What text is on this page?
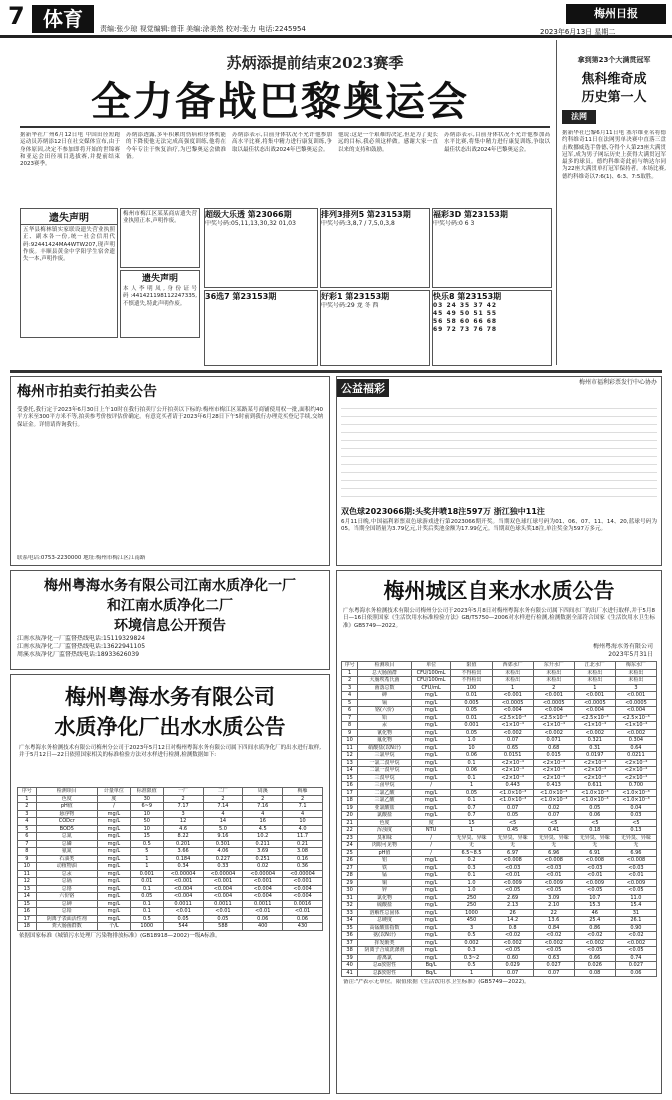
7 体育	责编:张少琼 视觉编辑:曾菲 美编:涂美然 校对:张力 电话:2245954
梅州日报
2023年6月13日 星期二
苏炳添提前结束2023赛季
全力备战巴黎奥运会
据新华社广州6月12日电 中国田径短跑运动员苏炳添12日在社交媒体宣布,由于身体原因,决定不参加即将开始的世锦赛和亚运会田径项目选拔赛,并提前结束2023赛季。
苏炳添透露,多年积累的伤病和身体机能的下降使他无法完成高强度训练,他将在今年专注于恢复治疗,为巴黎奥运会做准备。
苏炳添表示,目前身体状况不允许他参加高水平比赛,将集中精力进行康复训练,争取以最佳状态出战2024年巴黎奥运会。
他说:这是一个艰难的决定,但是为了更长远的目标,我必须这样做。感谢大家一直以来的支持和鼓励。
苏炳添表示,目前身体状况不允许他参加高水平比赛,将集中精力进行康复训练,争取以最佳状态出战2024年巴黎奥运会。
拿到第23个大满贯冠军
焦科维奇成
历史第一人
法网
据新华社巴黎6月11日电 塞尔维亚名将德约科维奇11日在法网男单决赛中直落三盘击败挪威选手鲁德,夺得个人第23座大满贯冠军,成为男子网坛历史上获得大满贯冠军最多的球员。德约科维奇此前与纳达尔同为22座大满贯单打冠军保持者。本场比赛,德约科维奇以7:6(1)、6:3、7:5取胜。
遗失声明
五华县梅林镇实家联设遗失营业执照正、副本各一份,统一社会信用代码:92441424MA4WTW207,现声明作废。丰顺县黄金中学阳学生宿舍遗失一本,声明作废。
梅州市梅江区某某商店遗失营业执照正本,声明作废。
遗失声明
本人李明凤,身份证号码:441421198112247335,不慎遗失,特此声明作废。
超级大乐透 第23066期
中奖号码:05,11,13,30,32 01,03
排列3排列5 第23153期
中奖号码:3,8,7 / 7,5,0,3,8
福彩3D 第23153期
中奖号码:0 6 3
36选7 第23153期	好彩1 第23153期
中奖号码:29 龙 冬 西
快乐8 第23153期
03 24 35 37 42
45 49 50 51 55
56 58 60 66 68
69 72 73 76 78
梅州市拍卖行拍卖公告
受委托,我行定于2023年6月30日上午10时在我行拍卖厅公开拍卖以下标的:梅州市梅江区某路某号商铺使用权一批,面积约40平方米至300平方米不等,拍卖参考价按评估价确定。有意竞买者请于2023年6月28日下午5时前到我行办理竞买登记手续,交纳保证金。详情请咨询我行。
联系电话:0753-2230000 地址:梅州市梅江区江南路
公益福彩	梅州市福利彩票发行中心协办
双色球2023066期:头奖井喷18注597万 浙江独中11注
6月11日晚,中国福利彩票双色球游戏进行第2023066期开奖。当期双色球红球号码为01、06、07、11、14、20,蓝球号码为05。当期全国销量为3.79亿元,计奖后奖池金额为17.99亿元。当期双色球头奖18注,单注奖金为597万多元。
梅州粤海水务有限公司江南水质净化一厂
和江南水质净化二厂
环境信息公开预告
江南水质净化一厂监督热线电话:15119329824
江南水质净化二厂监督热线电话:13622941105
周溪水质净化厂监督热线电话:18933626039
梅州粤海水务有限公司
水质净化厂出水水质公告
广东粤海水务检测技术有限公司梅州分公司于2023年5月12日对梅州粤海水务有限公司属下四间水质净化厂的出水进行取样,并于5月12日—22日依照国家相关的标准检验方法对水样进行检测,检测数据如下:
序号	检测项目	计量单位	标准限值	一厂	二厂	周溪	梅雁
1	色度	度	30	2	2	2	2
2	pH值	/	6~9	7.17	7.14	7.16	7.1
3	悬浮物	mg/L	10	3	4	4	4
4	CODcr	mg/L	50	12	14	16	10
5	BOD5	mg/L	10	4.6	5.0	4.5	4.0
6	总氮	mg/L	15	8.22	9.16	10.2	11.7
7	总磷	mg/L	0.5	0.201	0.301	0.211	0.21
8	氨氮	mg/L	5	3.66	4.06	3.69	3.08
9	石油类	mg/L	1	0.184	0.227	0.251	0.16
10	动植物油	mg/L	1	0.34	0.33	0.02	0.36
11	总汞	mg/L	0.001	<0.00004	<0.00004	<0.00004	<0.00004
12	总镉	mg/L	0.01	<0.001	<0.001	<0.001	<0.001
13	总铬	mg/L	0.1	<0.004	<0.004	<0.004	<0.004
14	六价铬	mg/L	0.05	<0.004	<0.004	<0.004	<0.004
15	总砷	mg/L	0.1	0.0011	0.0011	0.0011	0.0016
16	总铅	mg/L	0.1	<0.01	<0.01	<0.01	<0.01
17	阴离子表面活性剂	mg/L	0.5	0.05	0.05	0.06	0.06
18	粪大肠菌群数	个/L	1000	544	588	400	430
依据国家标准《城镇污水处理厂污染物排放标准》(GB18918—2002)一级A标准。
梅州城区自来水水质公告
广东粤海水务检测技术有限公司梅州分公司于2023年5月8日对梅州粤海水务有限公司属下四间水厂的出厂水进行取样,并于5月8日—16日依照国家《生活饮用水标准检验方法》GB/T5750—2006对水样进行检测,检测数据全部符合国家《生活饮用水卫生标准》GB5749—2022。
梅州粤海水务有限公司
2023年5月31日
序号	检测项目	单位	限值	西郊水厂	东升水厂	江北水厂	梅东水厂
1	总大肠菌群	CFU/100mL	不得检出	未检出	未检出	未检出	未检出
2	大肠埃希氏菌	CFU/100mL	不得检出	未检出	未检出	未检出	未检出
3	菌落总数	CFU/mL	100	1	2	1	3
4	砷	mg/L	0.01	<0.001	<0.001	<0.001	<0.001
5	镉	mg/L	0.005	<0.0005	<0.0005	<0.0005	<0.0005
6	铬(六价)	mg/L	0.05	<0.004	<0.004	<0.004	<0.004
7	铅	mg/L	0.01	<2.5×10⁻³	<2.5×10⁻³	<2.5×10⁻³	<2.5×10⁻³
8	汞	mg/L	0.001	<1×10⁻⁴	<1×10⁻⁴	<1×10⁻⁴	<1×10⁻⁴
9	氰化物	mg/L	0.05	<0.002	<0.002	<0.002	<0.002
10	氟化物	mg/L	1.0	0.07	0.071	0.321	0.304
11	硝酸盐(以N计)	mg/L	10	0.65	0.68	0.31	0.64
12	三氯甲烷	mg/L	0.06	0.0151	0.015	0.0197	0.0211
13	一氯二溴甲烷	mg/L	0.1	<2×10⁻⁴	<2×10⁻⁴	<2×10⁻⁴	<2×10⁻⁴
14	二氯一溴甲烷	mg/L	0.06	<2×10⁻⁴	<2×10⁻⁴	<2×10⁻⁴	<2×10⁻⁴
15	三溴甲烷	mg/L	0.1	<2×10⁻⁴	<2×10⁻⁴	<2×10⁻⁴	<2×10⁻⁴
16	三卤甲烷	/	1	0.443	0.413	0.611	0.700
17	二氯乙酸	mg/L	0.05	<1.0×10⁻³	<1.0×10⁻³	<1.0×10⁻³	<1.0×10⁻³
18	三氯乙酸	mg/L	0.1	<1.0×10⁻³	<1.0×10⁻³	<1.0×10⁻³	<1.0×10⁻³
19	亚氯酸盐	mg/L	0.7	0.07	0.02	0.05	0.04
20	氯酸盐	mg/L	0.7	0.05	0.07	0.06	0.03
21	色度	度	15	<5	<5	<5	<5
22	浑浊度	NTU	1	0.45	0.41	0.18	0.13
23	臭和味	/	无异臭、异味	无异臭、异味	无异臭、异味	无异臭、异味	无异臭、异味
24	肉眼可见物	/	无	无	无	无	无
25	pH值	/	6.5~8.5	6.97	6.96	6.91	6.96
26	铝	mg/L	0.2	<0.008	<0.008	<0.008	<0.008
27	铁	mg/L	0.3	<0.03	<0.03	<0.03	<0.03
28	锰	mg/L	0.1	<0.01	<0.01	<0.01	<0.01
29	铜	mg/L	1.0	<0.009	<0.009	<0.009	<0.009
30	锌	mg/L	1.0	<0.05	<0.05	<0.05	<0.05
31	氯化物	mg/L	250	2.69	3.09	10.7	11.0
32	硫酸盐	mg/L	250	2.13	2.10	15.3	15.4
33	溶解性总固体	mg/L	1000	26	22	46	31
34	总硬度	mg/L	450	14.2	13.6	25.4	26.1
35	高锰酸盐指数	mg/L	3	0.8	0.84	0.86	0.90
36	氨(以N计)	mg/L	0.5	<0.02	<0.02	<0.02	<0.02
37	挥发酚类	mg/L	0.002	<0.002	<0.002	<0.002	<0.002
38	阴离子合成洗涤剂	mg/L	0.3	<0.05	<0.05	<0.05	<0.05
39	游离氯	mg/L	0.3~2	0.60	0.63	0.66	0.74
40	总α放射性	Bq/L	0.5	0.029	0.027	0.026	0.027
41	总β放射性	Bq/L	1	0.07	0.07	0.08	0.06
备注:"/"表示无单位。限值依据《生活饮用水卫生标准》(GB5749—2022)。
